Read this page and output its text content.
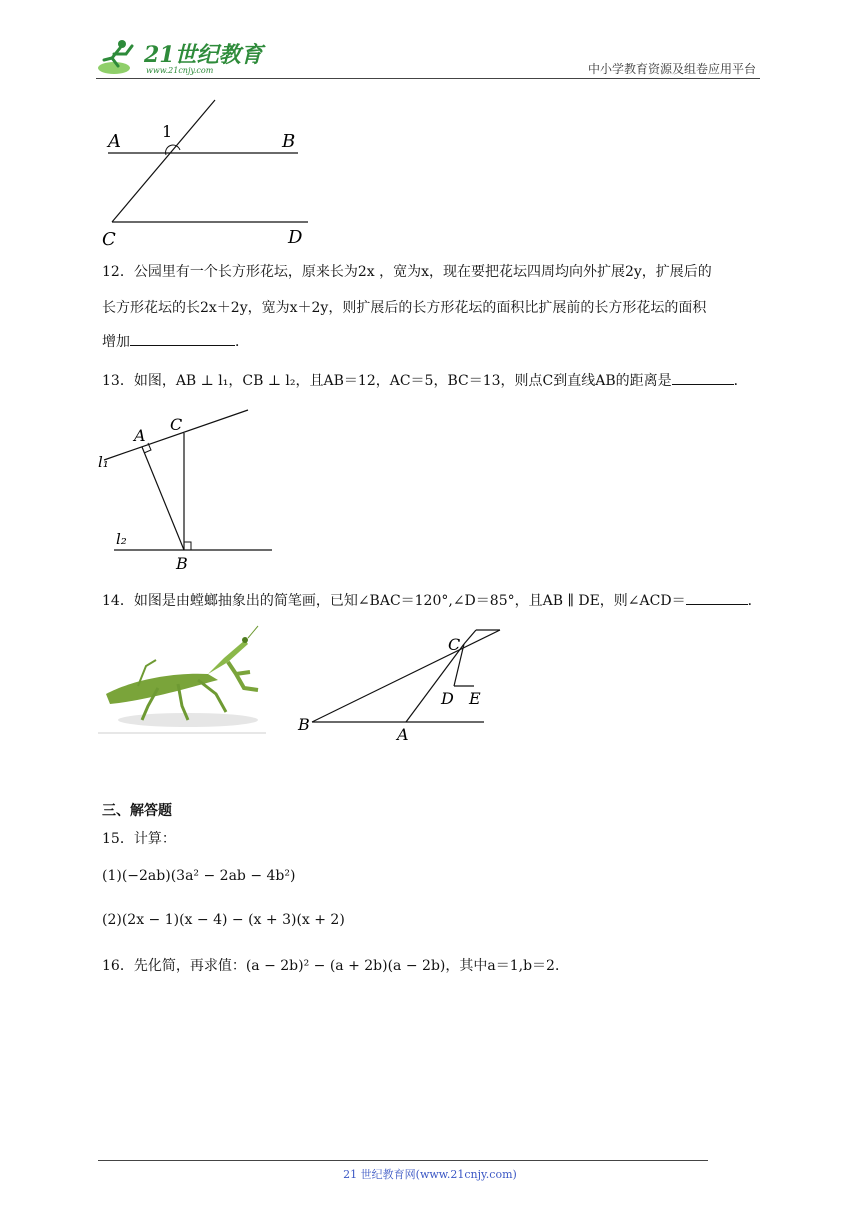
21世纪教育
www.21cnjy.com	中小学教育资源及组卷应用平台
A	1	B
C	D
12．公园里有一个长方形花坛，原来长为2x ，宽为x，现在要把花坛四周均向外扩展2y，扩展后的
长方形花坛的长2x＋2y，宽为x＋2y，则扩展后的长方形花坛的面积比扩展前的长方形花坛的面积
增加	．
13．如图，AB ⊥ l₁，CB ⊥ l₂，且AB＝12，AC＝5，BC＝13，则点C到直线AB的距离是	．
A
C
l₁
l₂
B
14．如图是由螳螂抽象出的简笔画，已知∠BAC＝120°,∠D＝85°，且AB ∥ DE，则∠ACD＝	．
C
D E
B
A
三、解答题
15．计算：
(1)(−2ab)(3a² − 2ab − 4b²)
(2)(2x − 1)(x − 4) − (x + 3)(x + 2)
16．先化简，再求值：(a − 2b)² − (a + 2b)(a − 2b)，其中a＝1,b＝2．
21 世纪教育网(www.21cnjy.com)
